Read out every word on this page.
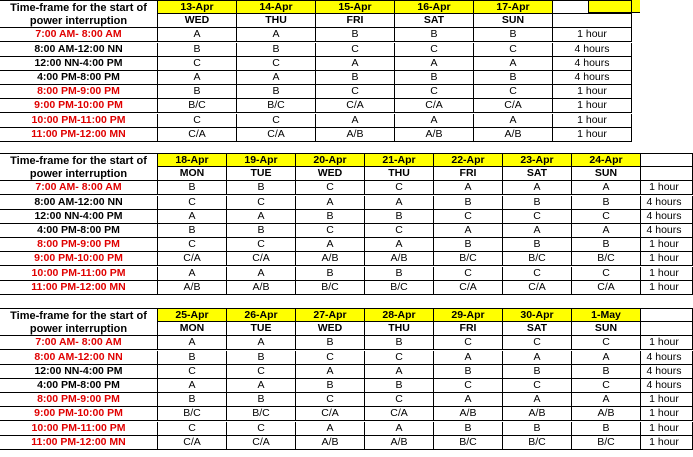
Time-frame for the start of power interruption
13-Apr	14-Apr	15-Apr	16-Apr	17-Apr
WED	THU	FRI	SAT	SUN
7:00 AM- 8:00 AM	A	A	B	B	B	1 hour
8:00 AM-12:00 NN	B	B	C	C	C	4 hours
12:00 NN-4:00 PM	C	C	A	A	A	4 hours
4:00 PM-8:00 PM	A	A	B	B	B	4 hours
8:00 PM-9:00 PM	B	B	C	C	C	1 hour
9:00 PM-10:00 PM	B/C	B/C	C/A	C/A	C/A	1 hour
10:00 PM-11:00 PM	C	C	A	A	A	1 hour
11:00 PM-12:00 MN	C/A	C/A	A/B	A/B	A/B	1 hour
Time-frame for the start of power interruption
18-Apr	19-Apr	20-Apr	21-Apr	22-Apr	23-Apr	24-Apr
MON	TUE	WED	THU	FRI	SAT	SUN
7:00 AM- 8:00 AM	B	B	C	C	A	A	A	1 hour
8:00 AM-12:00 NN	C	C	A	A	B	B	B	4 hours
12:00 NN-4:00 PM	A	A	B	B	C	C	C	4 hours
4:00 PM-8:00 PM	B	B	C	C	A	A	A	4 hours
8:00 PM-9:00 PM	C	C	A	A	B	B	B	1 hour
9:00 PM-10:00 PM	C/A	C/A	A/B	A/B	B/C	B/C	B/C	1 hour
10:00 PM-11:00 PM	A	A	B	B	C	C	C	1 hour
11:00 PM-12:00 MN	A/B	A/B	B/C	B/C	C/A	C/A	C/A	1 hour
Time-frame for the start of power interruption
25-Apr	26-Apr	27-Apr	28-Apr	29-Apr	30-Apr	1-May
MON	TUE	WED	THU	FRI	SAT	SUN
7:00 AM- 8:00 AM	A	A	B	B	C	C	C	1 hour
8:00 AM-12:00 NN	B	B	C	C	A	A	A	4 hours
12:00 NN-4:00 PM	C	C	A	A	B	B	B	4 hours
4:00 PM-8:00 PM	A	A	B	B	C	C	C	4 hours
8:00 PM-9:00 PM	B	B	C	C	A	A	A	1 hour
9:00 PM-10:00 PM	B/C	B/C	C/A	C/A	A/B	A/B	A/B	1 hour
10:00 PM-11:00 PM	C	C	A	A	B	B	B	1 hour
11:00 PM-12:00 MN	C/A	C/A	A/B	A/B	B/C	B/C	B/C	1 hour
